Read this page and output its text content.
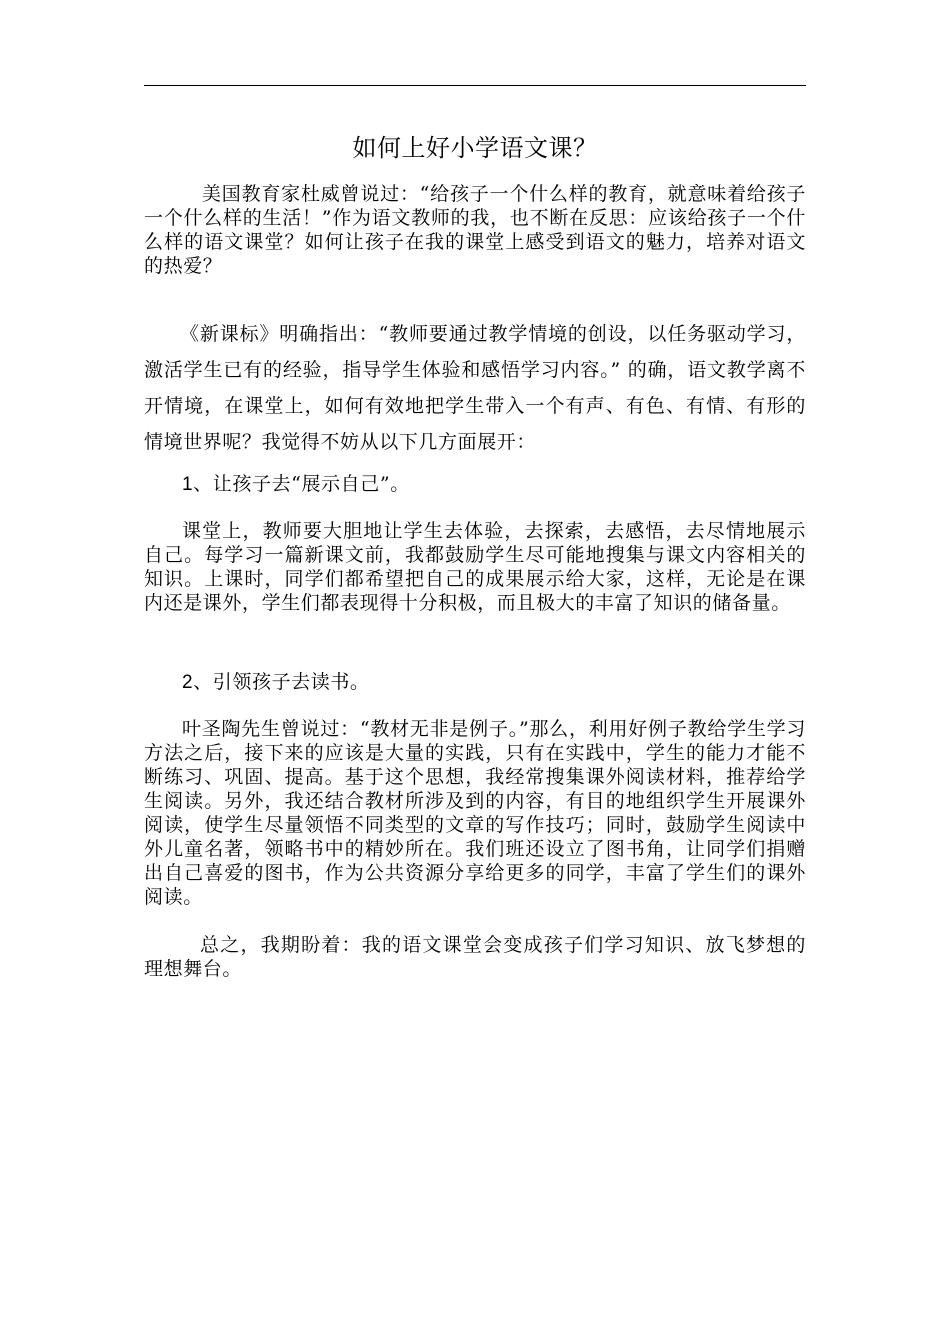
如何上好小学语文课？

美国教育家杜威曾说过：“给孩子一个什么样的教育，就意味着给孩子一个什么样的生活！”作为语文教师的我，也不断在反思：应该给孩子一个什么样的语文课堂？如何让孩子在我的课堂上感受到语文的魅力，培养对语文的热爱？

《新课标》明确指出：“教师要通过教学情境的创设，以任务驱动学习，激活学生已有的经验，指导学生体验和感悟学习内容。” 的确，语文教学离不开情境，在课堂上，如何有效地把学生带入一个有声、有色、有情、有形的情境世界呢？我觉得不妨从以下几方面展开：

1、让孩子去“展示自己”。

课堂上，教师要大胆地让学生去体验，去探索，去感悟，去尽情地展示自己。每学习一篇新课文前，我都鼓励学生尽可能地搜集与课文内容相关的知识。上课时，同学们都希望把自己的成果展示给大家，这样，无论是在课内还是课外，学生们都表现得十分积极，而且极大的丰富了知识的储备量。

2、引领孩子去读书。

叶圣陶先生曾说过：“教材无非是例子。”那么，利用好例子教给学生学习方法之后，接下来的应该是大量的实践，只有在实践中，学生的能力才能不断练习、巩固、提高。基于这个思想，我经常搜集课外阅读材料，推荐给学生阅读。另外，我还结合教材所涉及到的内容，有目的地组织学生开展课外阅读，使学生尽量领悟不同类型的文章的写作技巧；同时，鼓励学生阅读中外儿童名著，领略书中的精妙所在。我们班还设立了图书角，让同学们捐赠出自己喜爱的图书，作为公共资源分享给更多的同学，丰富了学生们的课外阅读。

总之，我期盼着：我的语文课堂会变成孩子们学习知识、放飞梦想的理想舞台。
